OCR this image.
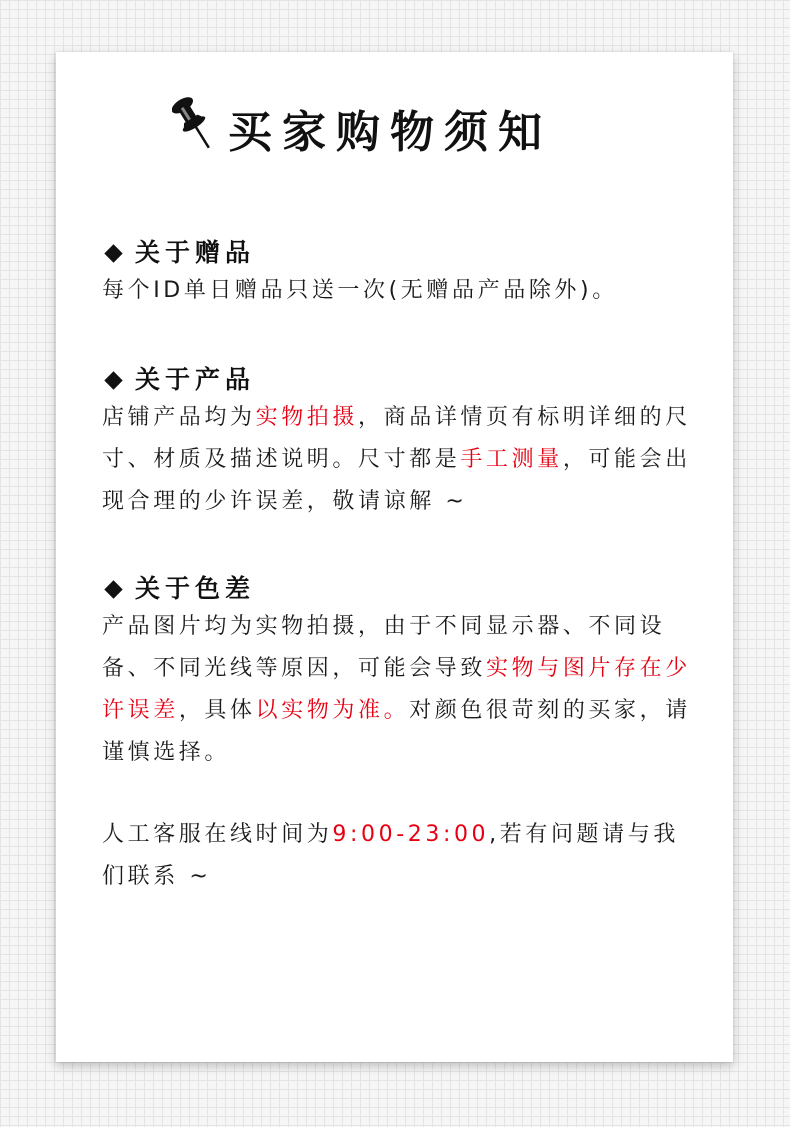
买家购物须知
关于赠品
每个ID单日赠品只送一次(无赠品产品除外)。
关于产品
店铺产品均为实物拍摄，商品详情页有标明详细的尺寸、材质及描述说明。尺寸都是手工测量，可能会出现合理的少许误差，敬请谅解 ~
关于色差
产品图片均为实物拍摄，由于不同显示器、不同设备、不同光线等原因，可能会导致实物与图片存在少许误差，具体以实物为准。对颜色很苛刻的买家，请谨慎选择。
人工客服在线时间为9:00-23:00,若有问题请与我们联系 ~
